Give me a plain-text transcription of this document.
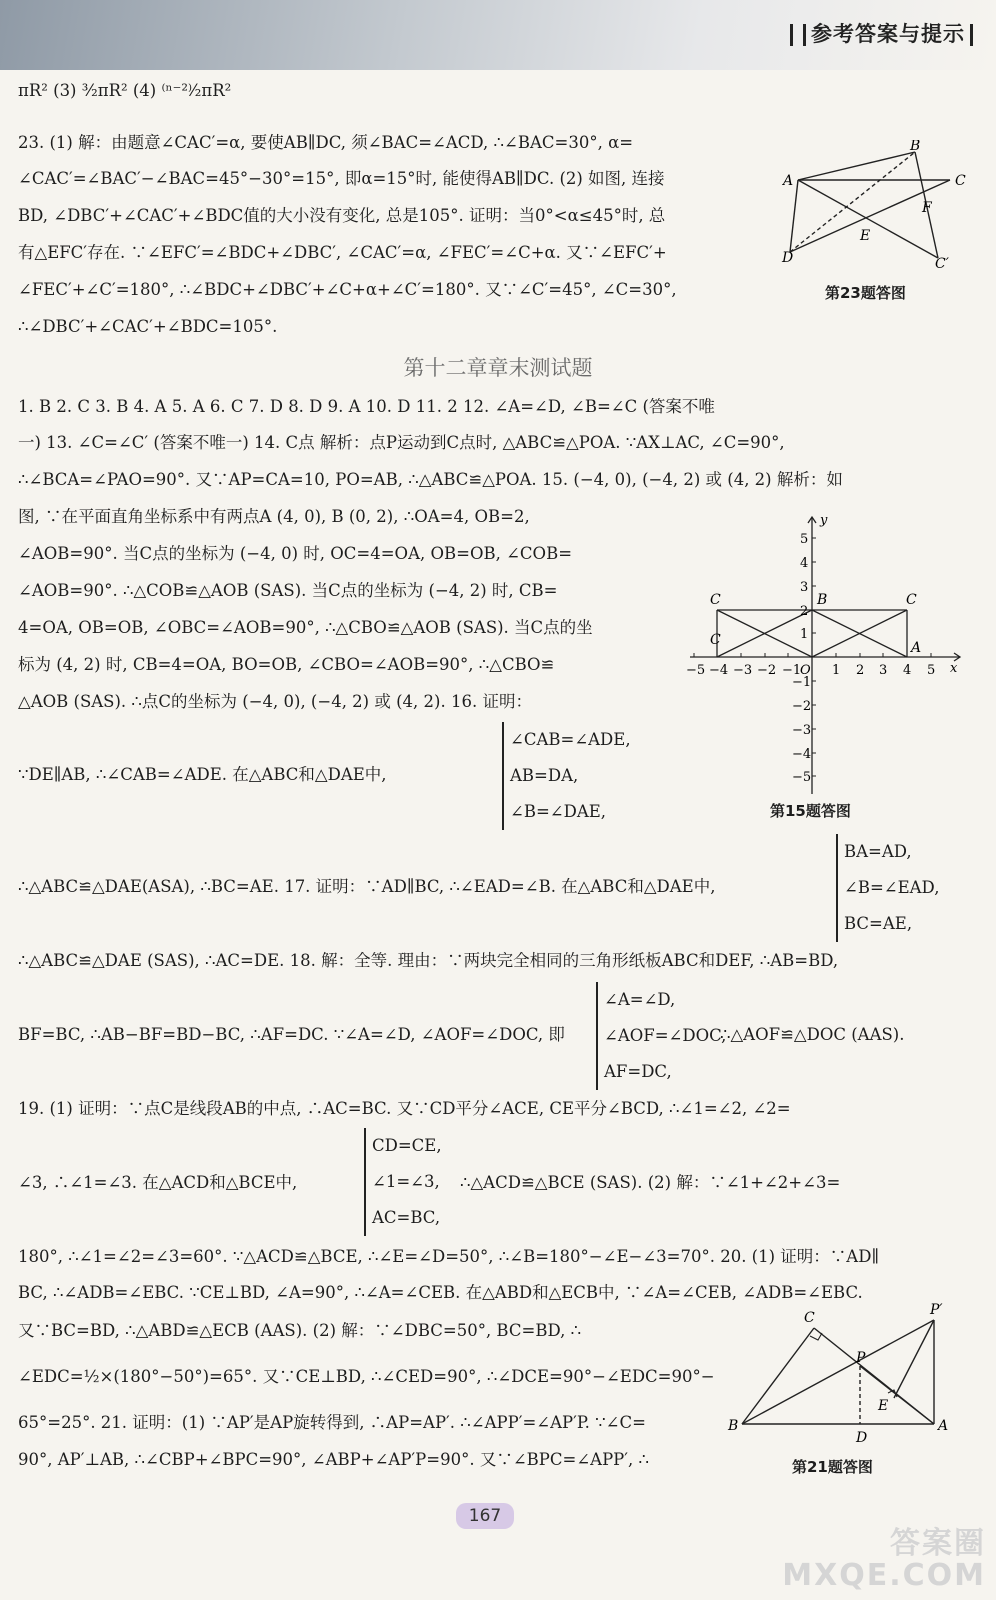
参考答案与提示
πR² (3) ³⁄₂πR² (4) ⁽ⁿ⁻²⁾⁄₂πR²
23. (1) 解：由题意∠CAC′=α, 要使AB∥DC, 须∠BAC=∠ACD, ∴∠BAC=30°, α=
∠CAC′=∠BAC′−∠BAC=45°−30°=15°, 即α=15°时, 能使得AB∥DC. (2) 如图, 连接
BD, ∠DBC′+∠CAC′+∠BDC值的大小没有变化, 总是105°. 证明：当0°<α≤45°时, 总
有△EFC′存在. ∵∠EFC′=∠BDC+∠DBC′, ∠CAC′=α, ∠FEC′=∠C+α. 又∵∠EFC′+
∠FEC′+∠C′=180°, ∴∠BDC+∠DBC′+∠C+α+∠C′=180°. 又∵∠C′=45°, ∠C=30°,
∴∠DBC′+∠CAC′+∠BDC=105°.
A
B
C
D
E
F
C′
第23题答图
第十二章章末测试题
1. B 2. C 3. B 4. A 5. A 6. C 7. D 8. D 9. A 10. D 11. 2 12. ∠A=∠D, ∠B=∠C (答案不唯
一) 13. ∠C=∠C′ (答案不唯一) 14. C点 解析：点P运动到C点时, △ABC≌△POA. ∵AX⊥AC, ∠C=90°,
∴∠BCA=∠PAO=90°. 又∵AP=CA=10, PO=AB, ∴△ABC≌△POA. 15. (−4, 0), (−4, 2) 或 (4, 2) 解析：如
图, ∵在平面直角坐标系中有两点A (4, 0), B (0, 2), ∴OA=4, OB=2,
∠AOB=90°. 当C点的坐标为 (−4, 0) 时, OC=4=OA, OB=OB, ∠COB=
∠AOB=90°. ∴△COB≌△AOB (SAS). 当C点的坐标为 (−4, 2) 时, CB=
4=OA, OB=OB, ∠OBC=∠AOB=90°, ∴△CBO≌△AOB (SAS). 当C点的坐
标为 (4, 2) 时, CB=4=OA, BO=OB, ∠CBO=∠AOB=90°, ∴△CBO≌
△AOB (SAS). ∴点C的坐标为 (−4, 0), (−4, 2) 或 (4, 2). 16. 证明：
y
x
O
−5 −4 −3 −2 −1 1 2 3 4 5
5
4
3
2
1
−1
−2
−3
−4
−5
C
C
C
B
A
第15题答图
∵DE∥AB, ∴∠CAB=∠ADE. 在△ABC和△DAE中,
∠CAB=∠ADE,
AB=DA,
∠B=∠DAE,
∴△ABC≌△DAE(ASA), ∴BC=AE. 17. 证明：∵AD∥BC, ∴∠EAD=∠B. 在△ABC和△DAE中,
BA=AD,
∠B=∠EAD,
BC=AE,
∴△ABC≌△DAE (SAS), ∴AC=DE. 18. 解：全等. 理由：∵两块完全相同的三角形纸板ABC和DEF, ∴AB=BD,
BF=BC, ∴AB−BF=BD−BC, ∴AF=DC. ∵∠A=∠D, ∠AOF=∠DOC, 即
∠A=∠D,
∠AOF=∠DOC,
AF=DC,
∴△AOF≌△DOC (AAS).
19. (1) 证明：∵点C是线段AB的中点, ∴AC=BC. 又∵CD平分∠ACE, CE平分∠BCD, ∴∠1=∠2, ∠2=
∠3, ∴∠1=∠3. 在△ACD和△BCE中,
CD=CE,
∠1=∠3,
AC=BC,
∴△ACD≌△BCE (SAS). (2) 解：∵∠1+∠2+∠3=
180°, ∴∠1=∠2=∠3=60°. ∵△ACD≌△BCE, ∴∠E=∠D=50°, ∴∠B=180°−∠E−∠3=70°. 20. (1) 证明：∵AD∥
BC, ∴∠ADB=∠EBC. ∵CE⊥BD, ∠A=90°, ∴∠A=∠CEB. 在△ABD和△ECB中, ∵∠A=∠CEB, ∠ADB=∠EBC.
又∵BC=BD, ∴△ABD≌△ECB (AAS). (2) 解：∵∠DBC=50°, BC=BD, ∴
∠EDC=½×(180°−50°)=65°. 又∵CE⊥BD, ∴∠CED=90°, ∴∠DCE=90°−∠EDC=90°−
65°=25°. 21. 证明：(1) ∵AP′是AP旋转得到, ∴AP=AP′. ∴∠APP′=∠AP′P. ∵∠C=
90°, AP′⊥AB, ∴∠CBP+∠BPC=90°, ∠ABP+∠AP′P=90°. 又∵∠BPC=∠APP′, ∴
C	P′
P
E
B
D
A
第21题答图
167
答案圈
MXQE.COM
